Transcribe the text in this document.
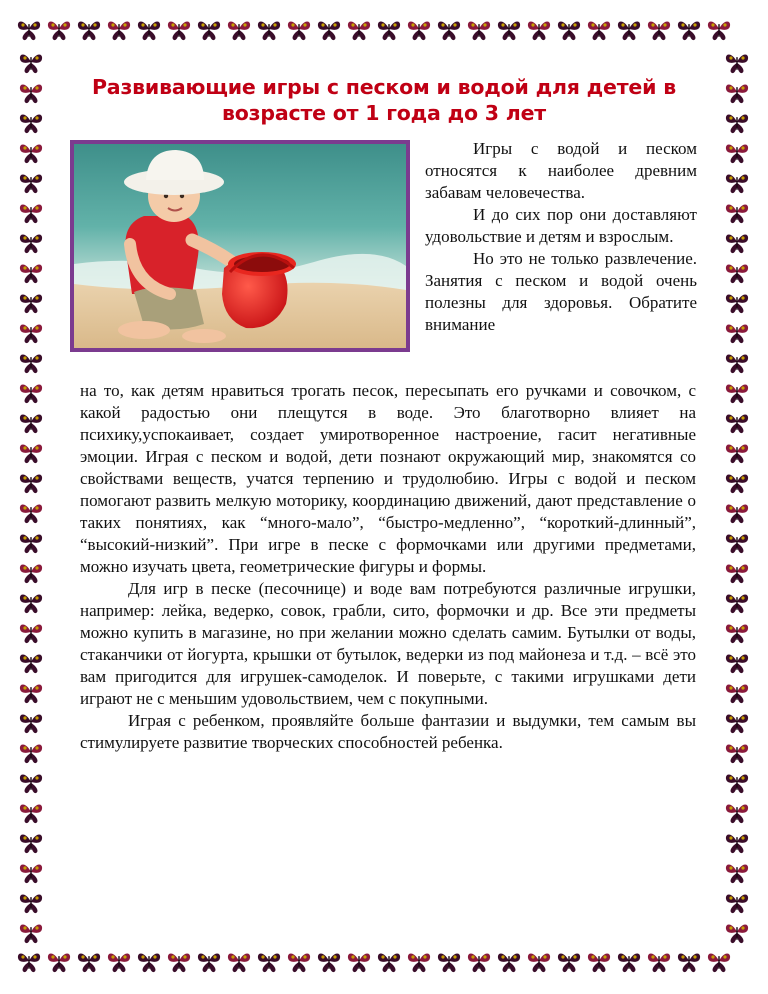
Развивающие игры с песком и водой для детей в возрасте от 1 года до 3 лет

Игры с водой и песком относятся к наиболее древним забавам человечества.

И до сих пор они доставляют удовольствие и детям и взрослым.

Но это не только развлечение. Занятия с песком и водой очень полезны для здоровья. Обратите внимание

на то, как детям нравиться трогать песок, пересыпать его ручками и совочком, с какой радостью они плещутся в воде. Это благотворно влияет на психику,успокаивает, создает умиротворенное настроение, гасит негативные эмоции. Играя с песком и водой, дети познают окружающий мир, знакомятся со свойствами веществ, учатся терпению и трудолюбию. Игры с водой и песком помогают развить мелкую моторику, координацию движений, дают представление о таких понятиях, как “много-мало”, “быстро-медленно”, “короткий-длинный”, “высокий-низкий”. При игре в песке с формочками или другими предметами, можно изучать цвета, геометрические фигуры и формы.

Для игр в песке (песочнице) и воде вам потребуются различные игрушки, например: лейка, ведерко, совок, грабли, сито, формочки и др. Все эти предметы можно купить в магазине, но при желании можно сделать самим. Бутылки от воды, стаканчики от йогурта, крышки от бутылок, ведерки из под майонеза и т.д. – всё это вам пригодится для игрушек-самоделок. И поверьте, с такими игрушками дети играют не с меньшим удовольствием, чем с покупными.

Играя с ребенком, проявляйте больше фантазии и выдумки, тем самым вы стимулируете развитие творческих способностей ребенка.
